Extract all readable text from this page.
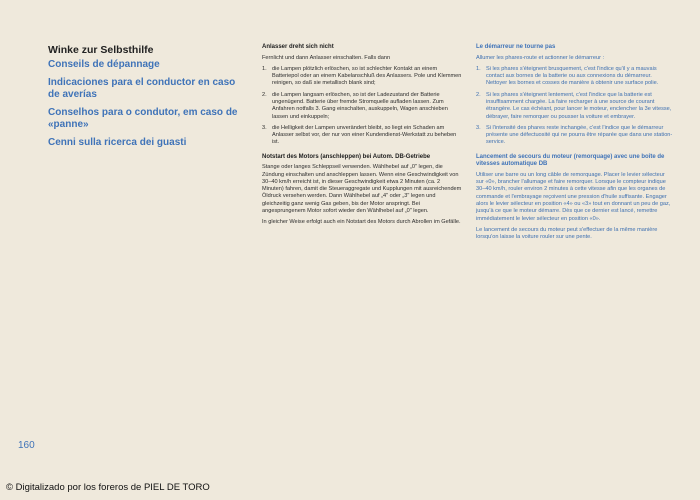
Winke zur Selbsthilfe
Conseils de dépannage
Indicaciones para el conductor en caso de averías
Conselhos para o condutor, em caso de «panne»
Cenni sulla ricerca dei guasti
Anlasser dreht sich nicht
Fernlicht und dann Anlasser einschalten. Falls dann
1. die Lampen plötzlich erlöschen, so ist schlechter Kontakt an einem Batteriepol oder an einem Kabelanschluß des Anlassers. Pole und Klemmen reinigen, so daß sie metallisch blank sind;
2. die Lampen langsam erlöschen, so ist der Ladezustand der Batterie ungenügend. Batterie über fremde Stromquelle aufladen lassen. Zum Anfahren notfalls 3. Gang einschalten, auskuppeln, Wagen anschieben lassen und einkuppeln;
3. die Helligkeit der Lampen unverändert bleibt, so liegt ein Schaden am Anlasser selbst vor, der nur von einer Kundendienst-Werkstatt zu beheben ist.
Notstart des Motors (anschleppen) bei Autom. DB-Getriebe
Stange oder langes Schleppseil verwenden. Wählhebel auf „0" legen, die Zündung einschalten und anschleppen lassen. Wenn eine Geschwindigkeit von 30–40 km/h erreicht ist, in dieser Geschwindigkeit etwa 2 Minuten (ca. 2 Minuten) fahren, damit die Steueraggregate und Kupplungen mit ausreichendem Öldruck versehen werden. Dann Wählhebel auf „4" oder „3" legen und gleichzeitig ganz wenig Gas geben, bis der Motor anspringt. Bei angesprungenem Motor sofort wieder den Wählhebel auf „0" legen.
In gleicher Weise erfolgt auch ein Notstart des Motors durch Abrollen im Gefälle.
Le démarreur ne tourne pas
Allumer les phares-route et actionner le démarreur :
1. Si les phares s'éteignent brusquement, c'est l'indice qu'il y a mauvais contact aux bornes de la batterie ou aux connexions du démarreur. Nettoyer les bornes et cosses de manière à obtenir une surface polie.
2. Si les phares s'éteignent lentement, c'est l'indice que la batterie est insuffisamment chargée. La faire recharger à une source de courant étrangère. Le cas échéant, pour lancer le moteur, enclencher la 3e vitesse, débrayer, faire remorquer ou pousser la voiture et embrayer.
3. Si l'intensité des phares reste inchangée, c'est l'indice que le démarreur présente une défectuosité qui ne pourra être réparée que dans une station-service.
Lancement de secours du moteur (remorquage) avec une boîte de vitesses automatique DB
Utiliser une barre ou un long câble de remorquage. Placer le levier sélecteur sur «0», brancher l'allumage et faire remorquer. Lorsque le compteur indique 30–40 km/h, rouler environ 2 minutes à cette vitesse afin que les organes de commande et l'embrayage reçoivent une pression d'huile suffisante. Engager alors le levier sélecteur en position «4» ou «3» tout en donnant un peu de gaz, jusqu'à ce que le moteur démarre. Dès que ce dernier est lancé, remettre immédiatement le levier sélecteur en position «0».
Le lancement de secours du moteur peut s'effectuer de la même manière lorsqu'on laisse la voiture rouler sur une pente.
160
© Digitalizado por los foreros de PIEL DE TORO
